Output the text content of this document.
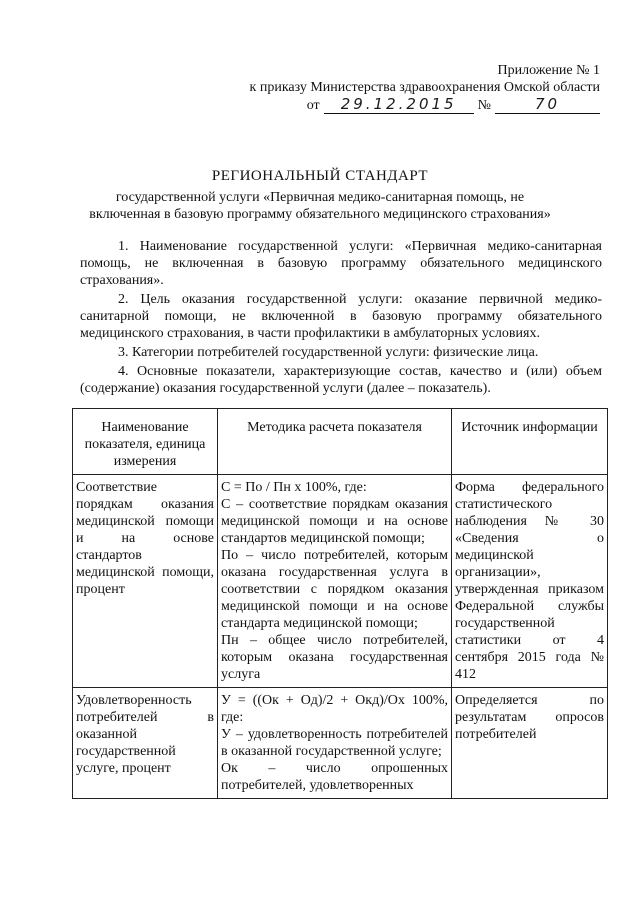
Приложение № 1
к приказу Министерства здравоохранения Омской области
от	29.12.2015	№	70
РЕГИОНАЛЬНЫЙ СТАНДАРТ
государственной услуги «Первичная медико-санитарная помощь, не включенная в базовую программу обязательного медицинского страхования»

1. Наименование государственной услуги: «Первичная медико-санитарная помощь, не включенная в базовую программу обязательного медицинского страхования».

2. Цель оказания государственной услуги: оказание первичной медико-санитарной помощи, не включенной в базовую программу обязательного медицинского страхования, в части профилактики в амбулаторных условиях.

3. Категории потребителей государственной услуги: физические лица.

4. Основные показатели, характеризующие состав, качество и (или) объем (содержание) оказания государственной услуги (далее – показатель).

Наименование показателя, единица измерения	Методика расчета показателя	Источник информации
Соответствие порядкам оказания медицинской помощи и на основе стандартов медицинской помощи, процент	С = По / Пн х 100%, где:
С – соответствие порядкам оказания медицинской помощи и на основе стандартов медицинской помощи;
По – число потребителей, которым оказана государственная услуга в соответствии с порядком оказания медицинской помощи и на основе стандарта медицинской помощи;
Пн – общее число потребителей, которым оказана государственная услуга	Форма федерального статистического наблюдения № 30 «Сведения о медицинской организации», утвержденная приказом Федеральной службы государственной статистики от 4 сентября 2015 года № 412
Удовлетворенность потребителей в оказанной государственной услуге, процент	У = ((Ок + Од)/2 + Окд)/Ох 100%, где:
У – удовлетворенность потребителей в оказанной государственной услуге;
Ок – число опрошенных потребителей, удовлетворенных	Определяется по результатам опросов потребителей
